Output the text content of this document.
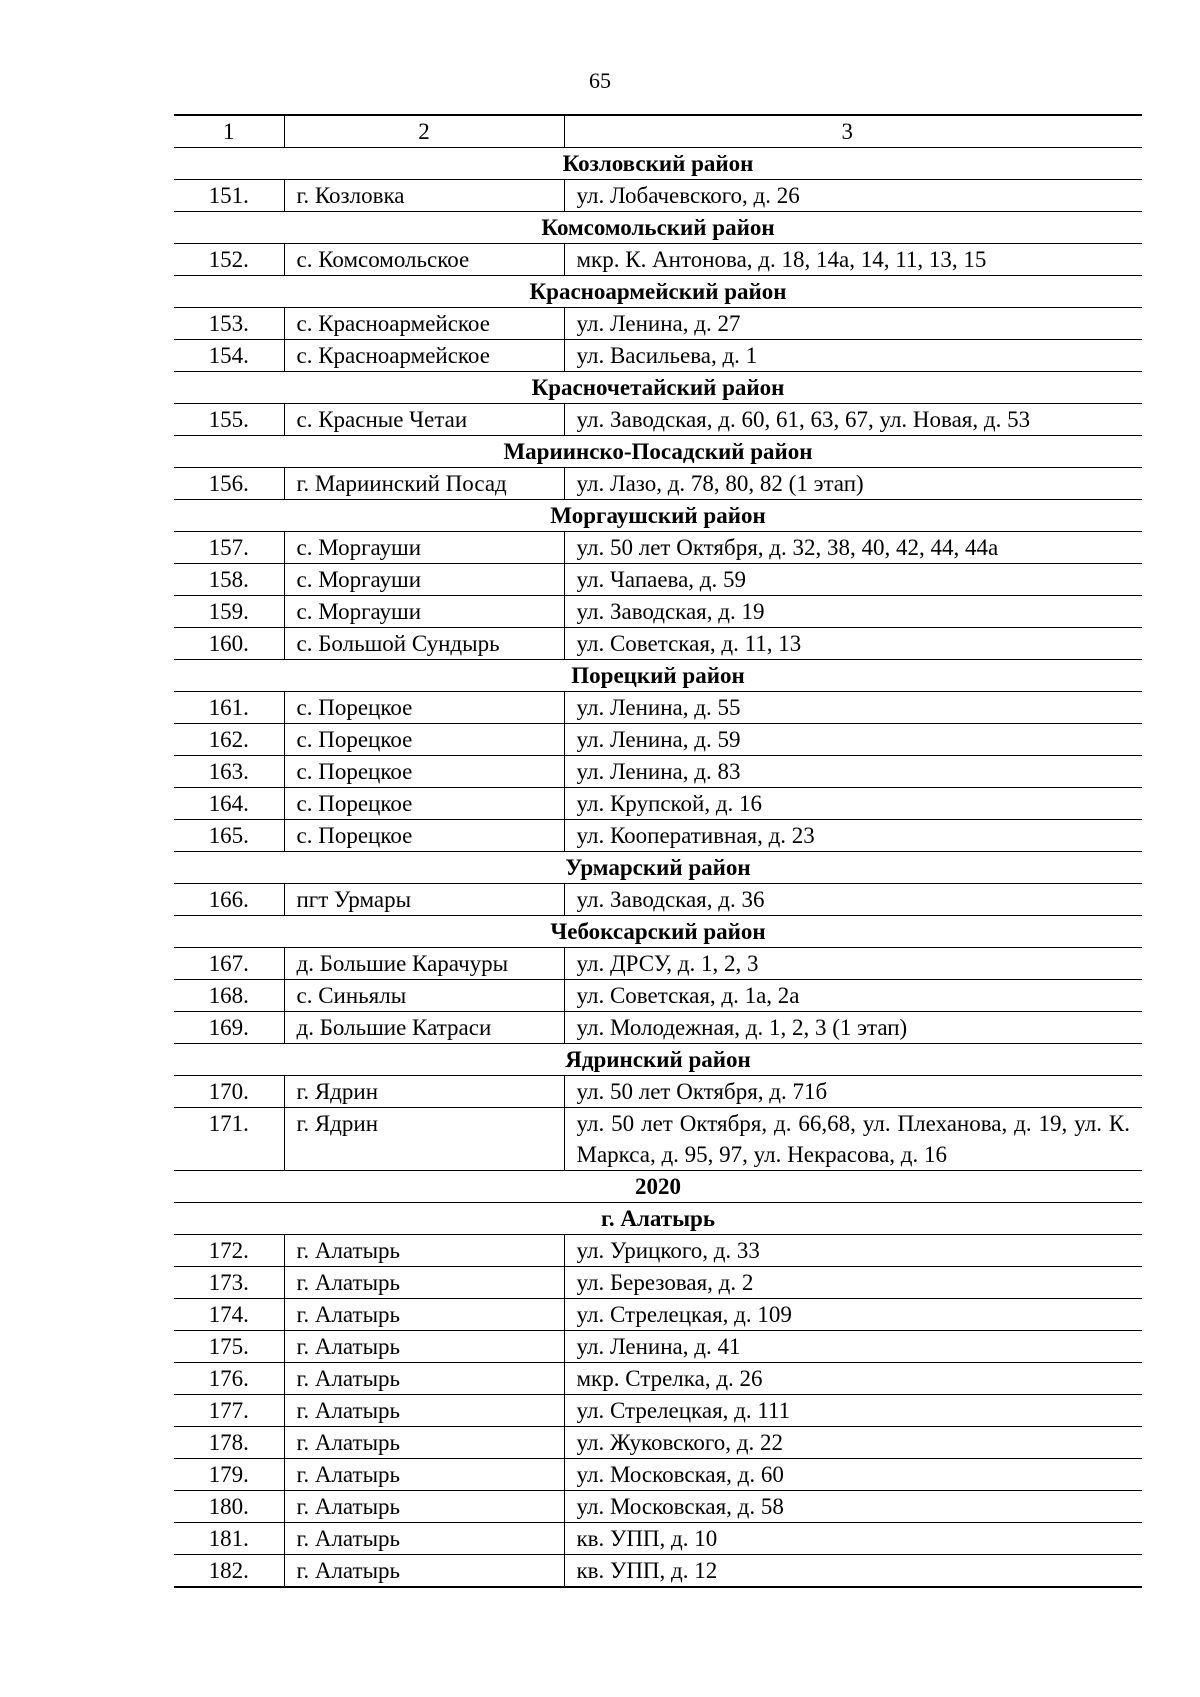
65
1	2	3
Козловский район		
151.	г. Козловка	ул. Лобачевского, д. 26
Комсомольский район		
152.	с. Комсомольское	мкр. К. Антонова, д. 18, 14а, 14, 11, 13, 15
Красноармейский район		
153.	с. Красноармейское	ул. Ленина, д. 27
154.	с. Красноармейское	ул. Васильева, д. 1
Красночетайский район		
155.	с. Красные Четаи	ул. Заводская, д. 60, 61, 63, 67, ул. Новая, д. 53
Мариинско-Посадский район		
156.	г. Мариинский Посад	ул. Лазо, д. 78, 80, 82 (1 этап)
Моргаушский район		
157.	с. Моргауши	ул. 50 лет Октября, д. 32, 38, 40, 42, 44, 44а
158.	с. Моргауши	ул. Чапаева, д. 59
159.	с. Моргауши	ул. Заводская, д. 19
160.	с. Большой Сундырь	ул. Советская, д. 11, 13
Порецкий район		
161.	с. Порецкое	ул. Ленина, д. 55
162.	с. Порецкое	ул. Ленина, д. 59
163.	с. Порецкое	ул. Ленина, д. 83
164.	с. Порецкое	ул. Крупской, д. 16
165.	с. Порецкое	ул. Кооперативная, д. 23
Урмарский район		
166.	пгт Урмары	ул. Заводская, д. 36
Чебоксарский район		
167.	д. Большие Карачуры	ул. ДРСУ, д. 1, 2, 3
168.	с. Синьялы	ул. Советская, д. 1а, 2а
169.	д. Большие Катраси	ул. Молодежная, д. 1, 2, 3 (1 этап)
Ядринский район		
170.	г. Ядрин	ул. 50 лет Октября, д. 71б
171.	г. Ядрин	ул. 50 лет Октября, д. 66,68, ул. Плеханова, д. 19, ул. К. Маркса, д. 95, 97, ул. Некрасова, д. 16
2020		
г. Алатырь		
172.	г. Алатырь	ул. Урицкого, д. 33
173.	г. Алатырь	ул. Березовая, д. 2
174.	г. Алатырь	ул. Стрелецкая, д. 109
175.	г. Алатырь	ул. Ленина, д. 41
176.	г. Алатырь	мкр. Стрелка, д. 26
177.	г. Алатырь	ул. Стрелецкая, д. 111
178.	г. Алатырь	ул. Жуковского, д. 22
179.	г. Алатырь	ул. Московская, д. 60
180.	г. Алатырь	ул. Московская, д. 58
181.	г. Алатырь	кв. УПП, д. 10
182.	г. Алатырь	кв. УПП, д. 12
